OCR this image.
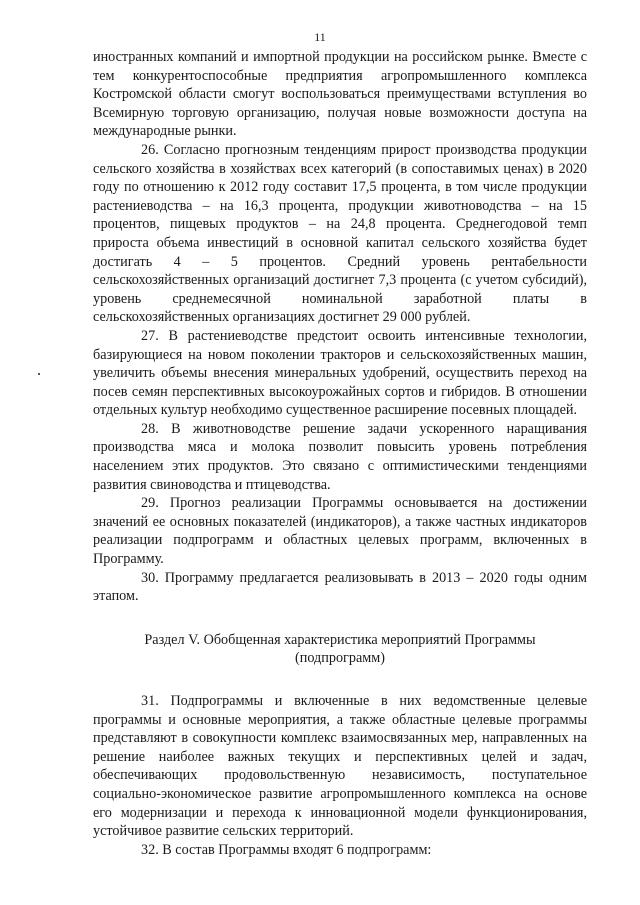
11

иностранных компаний и импортной продукции на российском рынке. Вместе с тем конкурентоспособные предприятия агропромышленного комплекса Костромской области смогут воспользоваться преимуществами вступления во Всемирную торговую организацию, получая новые возможности доступа на международные рынки.

26. Согласно прогнозным тенденциям прирост производства продукции сельского хозяйства в хозяйствах всех категорий (в сопоставимых ценах) в 2020 году по отношению к 2012 году составит 17,5 процента, в том числе продукции растениеводства – на 16,3 процента, продукции животноводства – на 15 процентов, пищевых продуктов – на 24,8 процента. Среднегодовой темп прироста объема инвестиций в основной капитал сельского хозяйства будет достигать 4 – 5 процентов. Средний уровень рентабельности сельскохозяйственных организаций достигнет 7,3 процента (с учетом субсидий), уровень среднемесячной номинальной заработной платы в сельскохозяйственных организациях достигнет 29 000 рублей.

27. В растениеводстве предстоит освоить интенсивные технологии, базирующиеся на новом поколении тракторов и сельскохозяйственных машин, увеличить объемы внесения минеральных удобрений, осуществить переход на посев семян перспективных высокоурожайных сортов и гибридов. В отношении отдельных культур необходимо существенное расширение посевных площадей.

28. В животноводстве решение задачи ускоренного наращивания производства мяса и молока позволит повысить уровень потребления населением этих продуктов. Это связано с оптимистическими тенденциями развития свиноводства и птицеводства.

29. Прогноз реализации Программы основывается на достижении значений ее основных показателей (индикаторов), а также частных индикаторов реализации подпрограмм и областных целевых программ, включенных в Программу.

30. Программу предлагается реализовывать в 2013 – 2020 годы одним этапом.

Раздел V. Обобщенная характеристика мероприятий Программы
(подпрограмм)

31. Подпрограммы и включенные в них ведомственные целевые программы и основные мероприятия, а также областные целевые программы представляют в совокупности комплекс взаимосвязанных мер, направленных на решение наиболее важных текущих и перспективных целей и задач, обеспечивающих продовольственную независимость, поступательное социально-экономическое развитие агропромышленного комплекса на основе его модернизации и перехода к инновационной модели функционирования, устойчивое развитие сельских территорий.

32. В состав Программы входят 6 подпрограмм:
